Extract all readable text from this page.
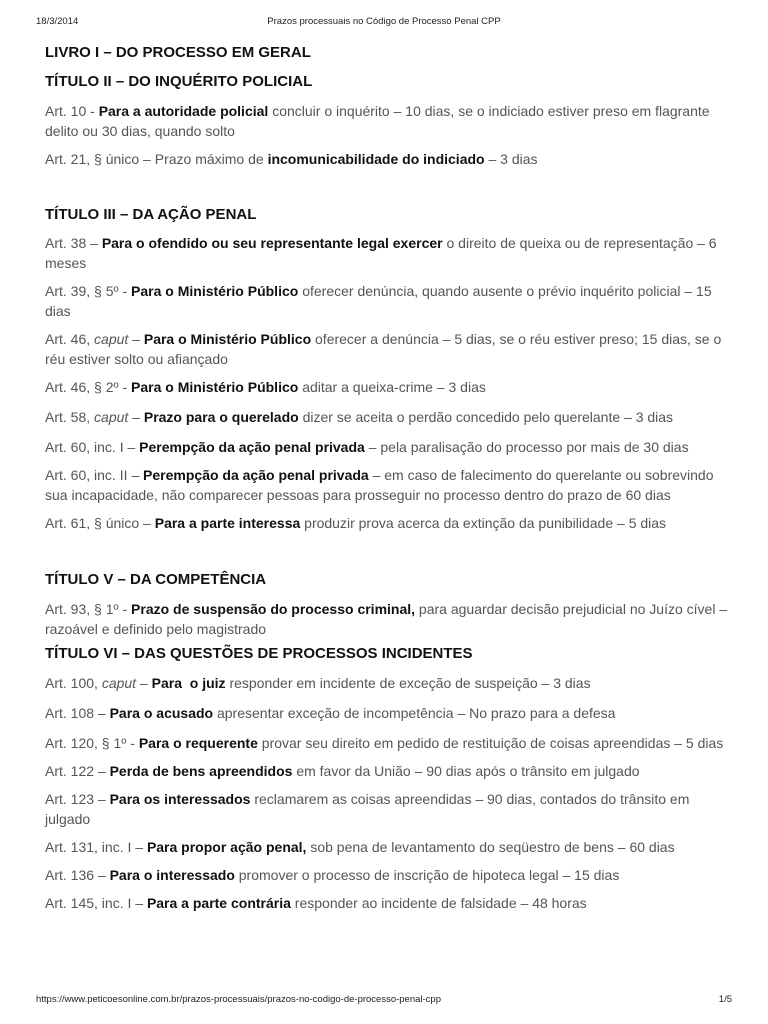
18/3/2014	Prazos processuais no Código de Processo Penal CPP
LIVRO I – DO PROCESSO EM GERAL
TÍTULO II – DO INQUÉRITO POLICIAL

Art. 10 - Para a autoridade policial concluir o inquérito – 10 dias, se o indiciado estiver preso em flagrante delito ou 30 dias, quando solto

Art. 21, § único – Prazo máximo de incomunicabilidade do indiciado – 3 dias

TÍTULO III – DA AÇÃO PENAL

Art. 38 – Para o ofendido ou seu representante legal exercer o direito de queixa ou de representação – 6 meses

Art. 39, § 5º - Para o Ministério Público oferecer denúncia, quando ausente o prévio inquérito policial – 15 dias

Art. 46, caput – Para o Ministério Público oferecer a denúncia – 5 dias, se o réu estiver preso; 15 dias, se o réu estiver solto ou afiançado

Art. 46, § 2º - Para o Ministério Público aditar a queixa-crime – 3 dias

Art. 58, caput – Prazo para o querelado dizer se aceita o perdão concedido pelo querelante – 3 dias

Art. 60, inc. I – Perempção da ação penal privada – pela paralisação do processo por mais de 30 dias

Art. 60, inc. II – Perempção da ação penal privada – em caso de falecimento do querelante ou sobrevindo sua incapacidade, não comparecer pessoas para prosseguir no processo dentro do prazo de 60 dias

Art. 61, § único – Para a parte interessa produzir prova acerca da extinção da punibilidade – 5 dias

TÍTULO V – DA COMPETÊNCIA

Art. 93, § 1º - Prazo de suspensão do processo criminal, para aguardar decisão prejudicial no Juízo cível – razoável e definido pelo magistrado

TÍTULO VI – DAS QUESTÕES DE PROCESSOS INCIDENTES

Art. 100, caput – Para  o juiz responder em incidente de exceção de suspeição – 3 dias

Art. 108 – Para o acusado apresentar exceção de incompetência – No prazo para a defesa

Art. 120, § 1º - Para o requerente provar seu direito em pedido de restituição de coisas apreendidas – 5 dias

Art. 122 – Perda de bens apreendidos em favor da União – 90 dias após o trânsito em julgado

Art. 123 – Para os interessados reclamarem as coisas apreendidas – 90 dias, contados do trânsito em julgado

Art. 131, inc. I – Para propor ação penal, sob pena de levantamento do seqüestro de bens – 60 dias

Art. 136 – Para o interessado promover o processo de inscrição de hipoteca legal – 15 dias

Art. 145, inc. I – Para a parte contrária responder ao incidente de falsidade – 48 horas

https://www.peticoesonline.com.br/prazos-processuais/prazos-no-codigo-de-processo-penal-cpp	1/5
